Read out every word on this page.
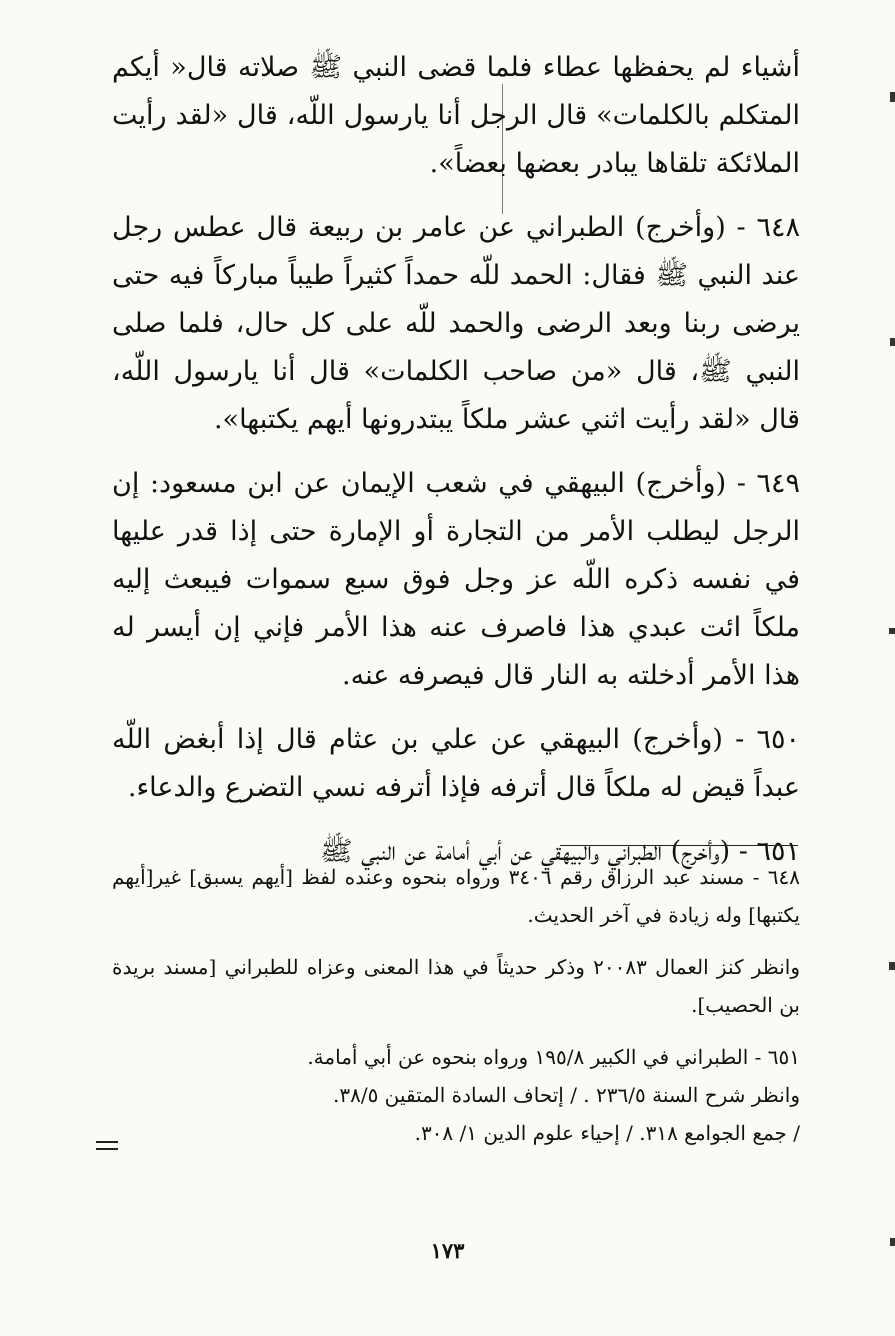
أشياء لم يحفظها عطاء فلما قضى النبي ﷺ صلاته قال« أيكم المتكلم بالكلمات» قال الرجل أنا يارسول اللّه، قال «لقد رأيت الملائكة تلقاها يبادر بعضها بعضاً».

٦٤٨ - (وأخرج) الطبراني عن عامر بن ربيعة قال عطس رجل عند النبي ﷺ فقال: الحمد للّه حمداً كثيراً طيباً مباركاً فيه حتى يرضى ربنا وبعد الرضى والحمد للّه على كل حال، فلما صلى النبي ﷺ، قال «من صاحب الكلمات» قال أنا يارسول اللّه، قال «لقد رأيت اثني عشر ملكاً يبتدرونها أيهم يكتبها».

٦٤٩ - (وأخرج) البيهقي في شعب الإيمان عن ابن مسعود: إن الرجل ليطلب الأمر من التجارة أو الإمارة حتى إذا قدر عليها في نفسه ذكره اللّه عز وجل فوق سبع سموات فيبعث إليه ملكاً ائت عبدي هذا فاصرف عنه هذا الأمر فإني إن أيسر له هذا الأمر أدخلته به النار قال فيصرفه عنه.

٦٥٠ - (وأخرج) البيهقي عن علي بن عثام قال إذا أبغض اللّه عبداً قيض له ملكاً قال أترفه فإذا أترفه نسي التضرع والدعاء.

٦٥١ - (وأخرج) الطبراني والبيهقي عن أبي أمامة عن النبي ﷺ

٦٤٨ - مسند عبد الرزاق رقم ٣٤٠٦ ورواه بنحوه وعنده لفظ [أيهم يسبق] غير[أيهم يكتبها] وله زيادة في آخر الحديث.

وانظر كنز العمال ٢٠٠٨٣ وذكر حديثاً في هذا المعنى وعزاه للطبراني [مسند بريدة بن الحصيب].

٦٥١ - الطبراني في الكبير ١٩٥/٨ ورواه بنحوه عن أبي أمامة.

وانظر شرح السنة ٢٣٦/٥ . / إتحاف السادة المتقين ٣٨/٥.

/ جمع الجوامع ٣١٨. / إحياء علوم الدين ١/ ٣٠٨.

١٧٣
